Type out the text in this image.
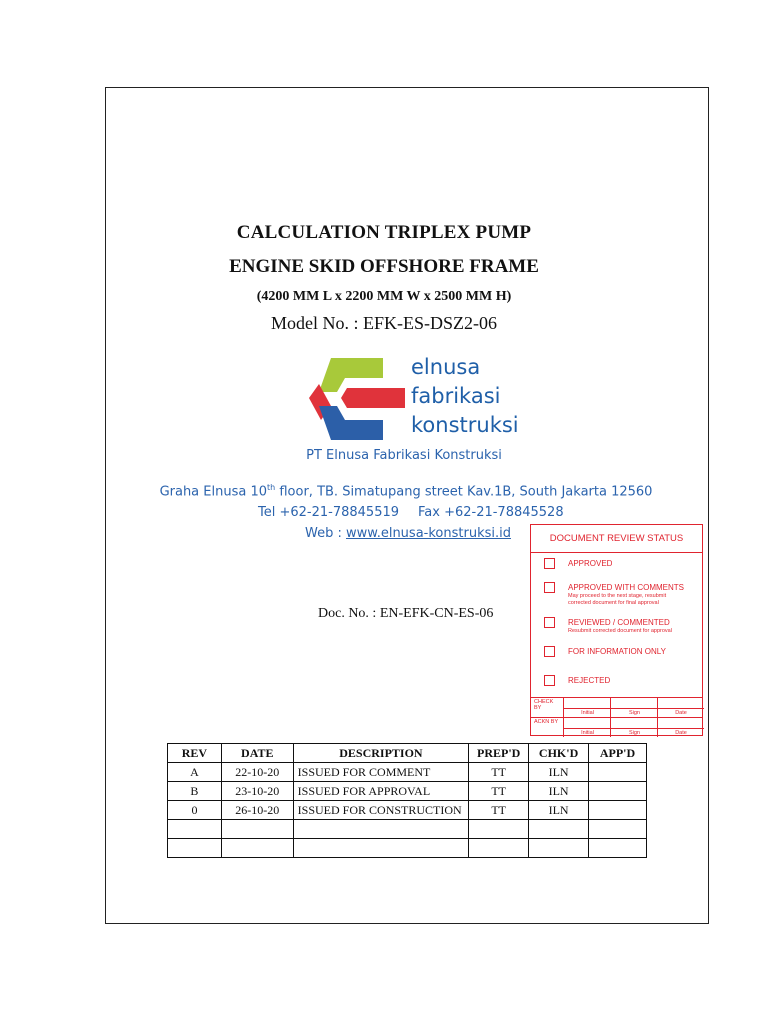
CALCULATION TRIPLEX PUMP
ENGINE SKID OFFSHORE FRAME
(4200 MM L x 2200 MM W x 2500 MM H)
Model No. : EFK-ES-DSZ2-06
elnusa
fabrikasi
konstruksi
PT Elnusa Fabrikasi Konstruksi
Graha Elnusa 10th floor, TB. Simatupang street Kav.1B, South Jakarta 12560
Tel +62-21-78845519 Fax +62-21-78845528
Web : www.elnusa-konstruksi.id
Doc. No. : EN-EFK-CN-ES-06
DOCUMENT REVIEW STATUS
APPROVED
APPROVED WITH COMMENTS
May proceed to the next stage, resubmit
corrected document for final approval
REVIEWED / COMMENTED
Resubmit corrected document for approval
FOR INFORMATION ONLY
REJECTED
CHECK BY
Initial	Sign	Date
ACKN BY
Initial	Sign	Date
REV	DATE	DESCRIPTION	PREP'D	CHK'D	APP'D
A	22-10-20	ISSUED FOR COMMENT	TT	ILN	
B	23-10-20	ISSUED FOR APPROVAL	TT	ILN	
0	26-10-20	ISSUED FOR CONSTRUCTION	TT	ILN	
